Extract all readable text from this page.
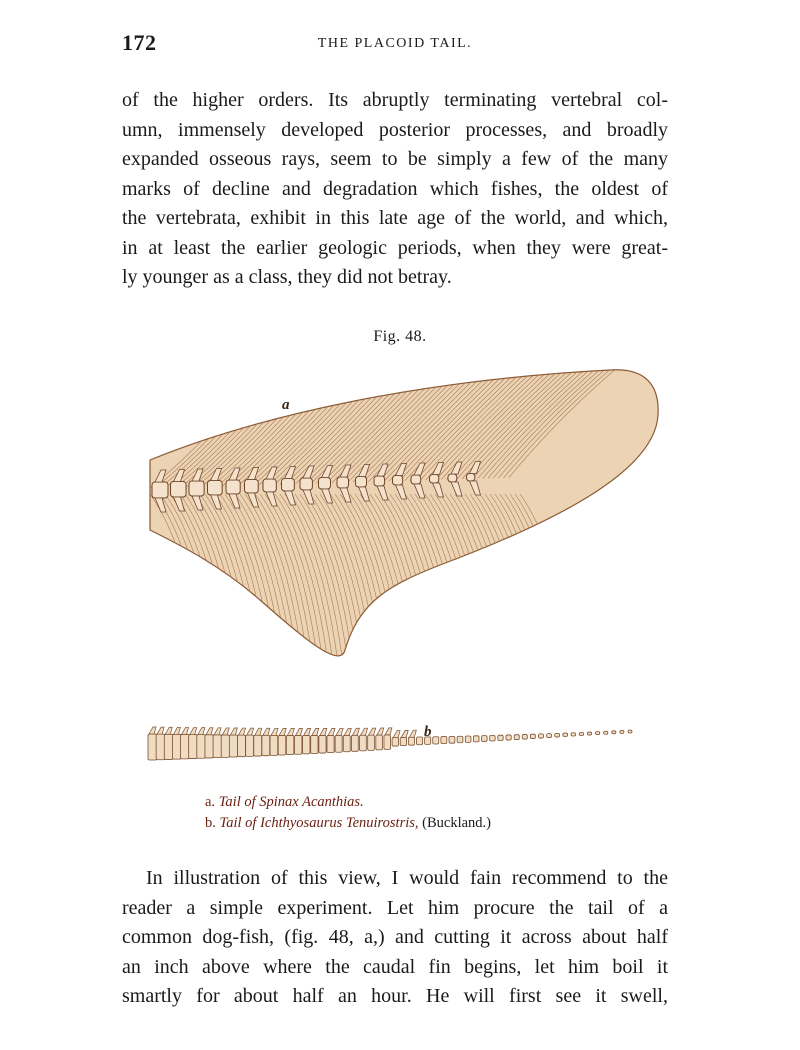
172	THE PLACOID TAIL.

of the higher orders. Its abruptly terminating vertebral col-
umn, immensely developed posterior processes, and broadly
expanded osseous rays, seem to be simply a few of the many
marks of decline and degradation which fishes, the oldest of
the vertebrata, exhibit in this late age of the world, and which,
in at least the earlier geologic periods, when they were great-
ly younger as a class, they did not betray.

Fig. 48.
a
b
a. Tail of Spinax Acanthias.
b. Tail of Ichthyosaurus Tenuirostris, (Buckland.)

In illustration of this view, I would fain recommend to the
reader a simple experiment. Let him procure the tail of a
common dog-fish, (fig. 48, a,) and cutting it across about half
an inch above where the caudal fin begins, let him boil it
smartly for about half an hour. He will first see it swell,
